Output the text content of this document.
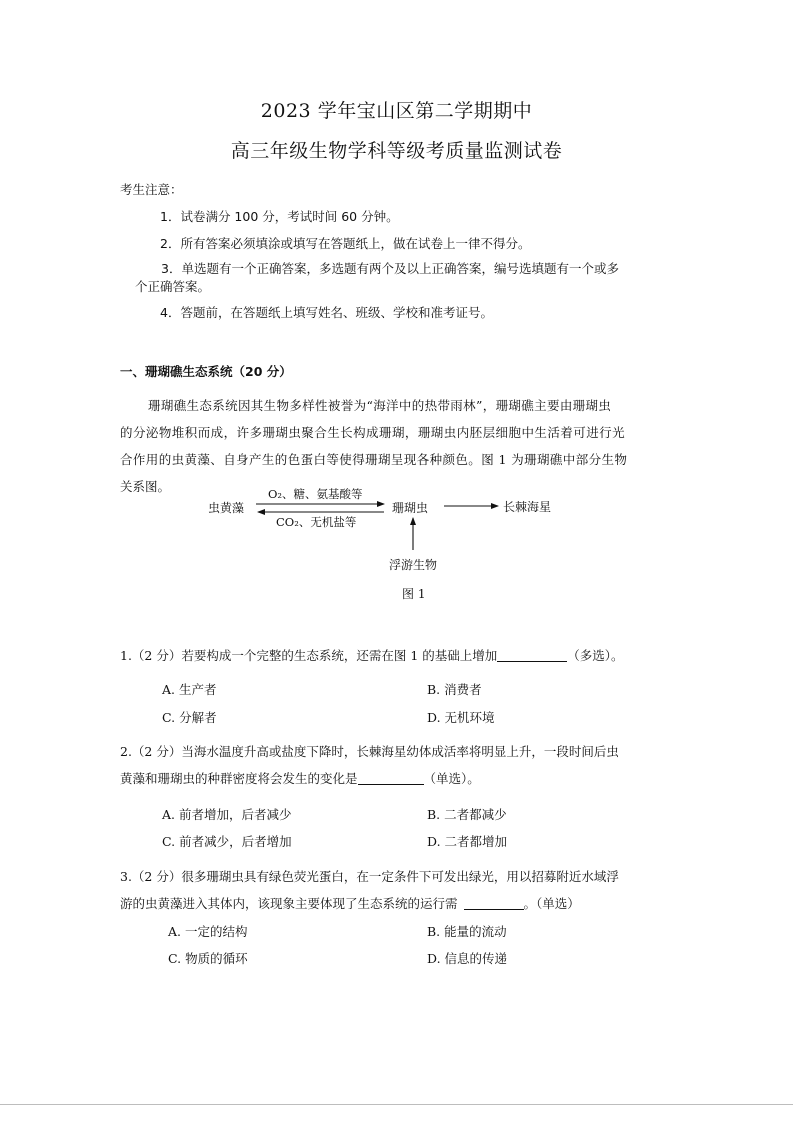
2023 学年宝山区第二学期期中
高三年级生物学科等级考质量监测试卷
考生注意：
1．试卷满分 100 分，考试时间 60 分钟。
2．所有答案必须填涂或填写在答题纸上，做在试卷上一律不得分。
3．单选题有一个正确答案，多选题有两个及以上正确答案，编号选填题有一个或多
个正确答案。
4．答题前，在答题纸上填写姓名、班级、学校和准考证号。
一、珊瑚礁生态系统（20 分）
珊瑚礁生态系统因其生物多样性被誉为“海洋中的热带雨林”，珊瑚礁主要由珊瑚虫
的分泌物堆积而成，许多珊瑚虫聚合生长构成珊瑚，珊瑚虫内胚层细胞中生活着可进行光
合作用的虫黄藻、自身产生的色蛋白等使得珊瑚呈现各种颜色。图 1 为珊瑚礁中部分生物
关系图。
虫黄藻	珊瑚虫	长棘海星
浮游生物
O₂、糖、氨基酸等
CO₂、无机盐等
图 1
1.（2 分）若要构成一个完整的生态系统，还需在图 1 的基础上增加	（多选）。
A. 生产者	B. 消费者
C. 分解者	D. 无机环境
2.（2 分）当海水温度升高或盐度下降时，长棘海星幼体成活率将明显上升，一段时间后虫
黄藻和珊瑚虫的种群密度将会发生的变化是	（单选）。
A. 前者增加，后者减少	B. 二者都减少
C. 前者减少，后者增加	D. 二者都增加
3.（2 分）很多珊瑚虫具有绿色荧光蛋白，在一定条件下可发出绿光，用以招募附近水域浮
游的虫黄藻进入其体内，该现象主要体现了生态系统的运行需	。（单选）
A. 一定的结构	B. 能量的流动
C. 物质的循环	D. 信息的传递
